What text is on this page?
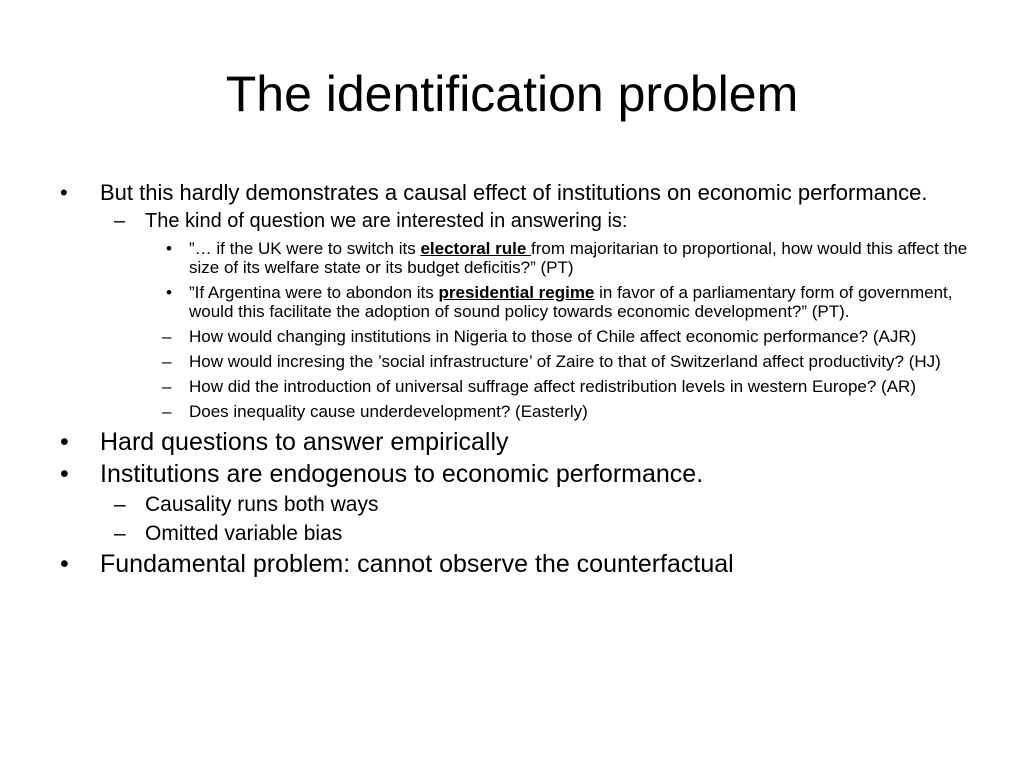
The identification problem
• But this hardly demonstrates a causal effect of institutions on economic performance.
– The kind of question we are interested in answering is:
• ”… if the UK were to switch its electoral rule from majoritarian to proportional, how would this affect the size of its welfare state or its budget deficitis?” (PT)
• ”If Argentina were to abondon its presidential regime in favor of a parliamentary form of government, would this facilitate the adoption of sound policy towards economic development?” (PT).
– How would changing institutions in Nigeria to those of Chile affect economic performance? (AJR)
– How would incresing the ’social infrastructure’ of Zaire to that of Switzerland affect productivity? (HJ)
– How did the introduction of universal suffrage affect redistribution levels in western Europe? (AR)
– Does inequality cause underdevelopment? (Easterly)
• Hard questions to answer empirically
• Institutions are endogenous to economic performance.
– Causality runs both ways
– Omitted variable bias
• Fundamental problem: cannot observe the counterfactual
